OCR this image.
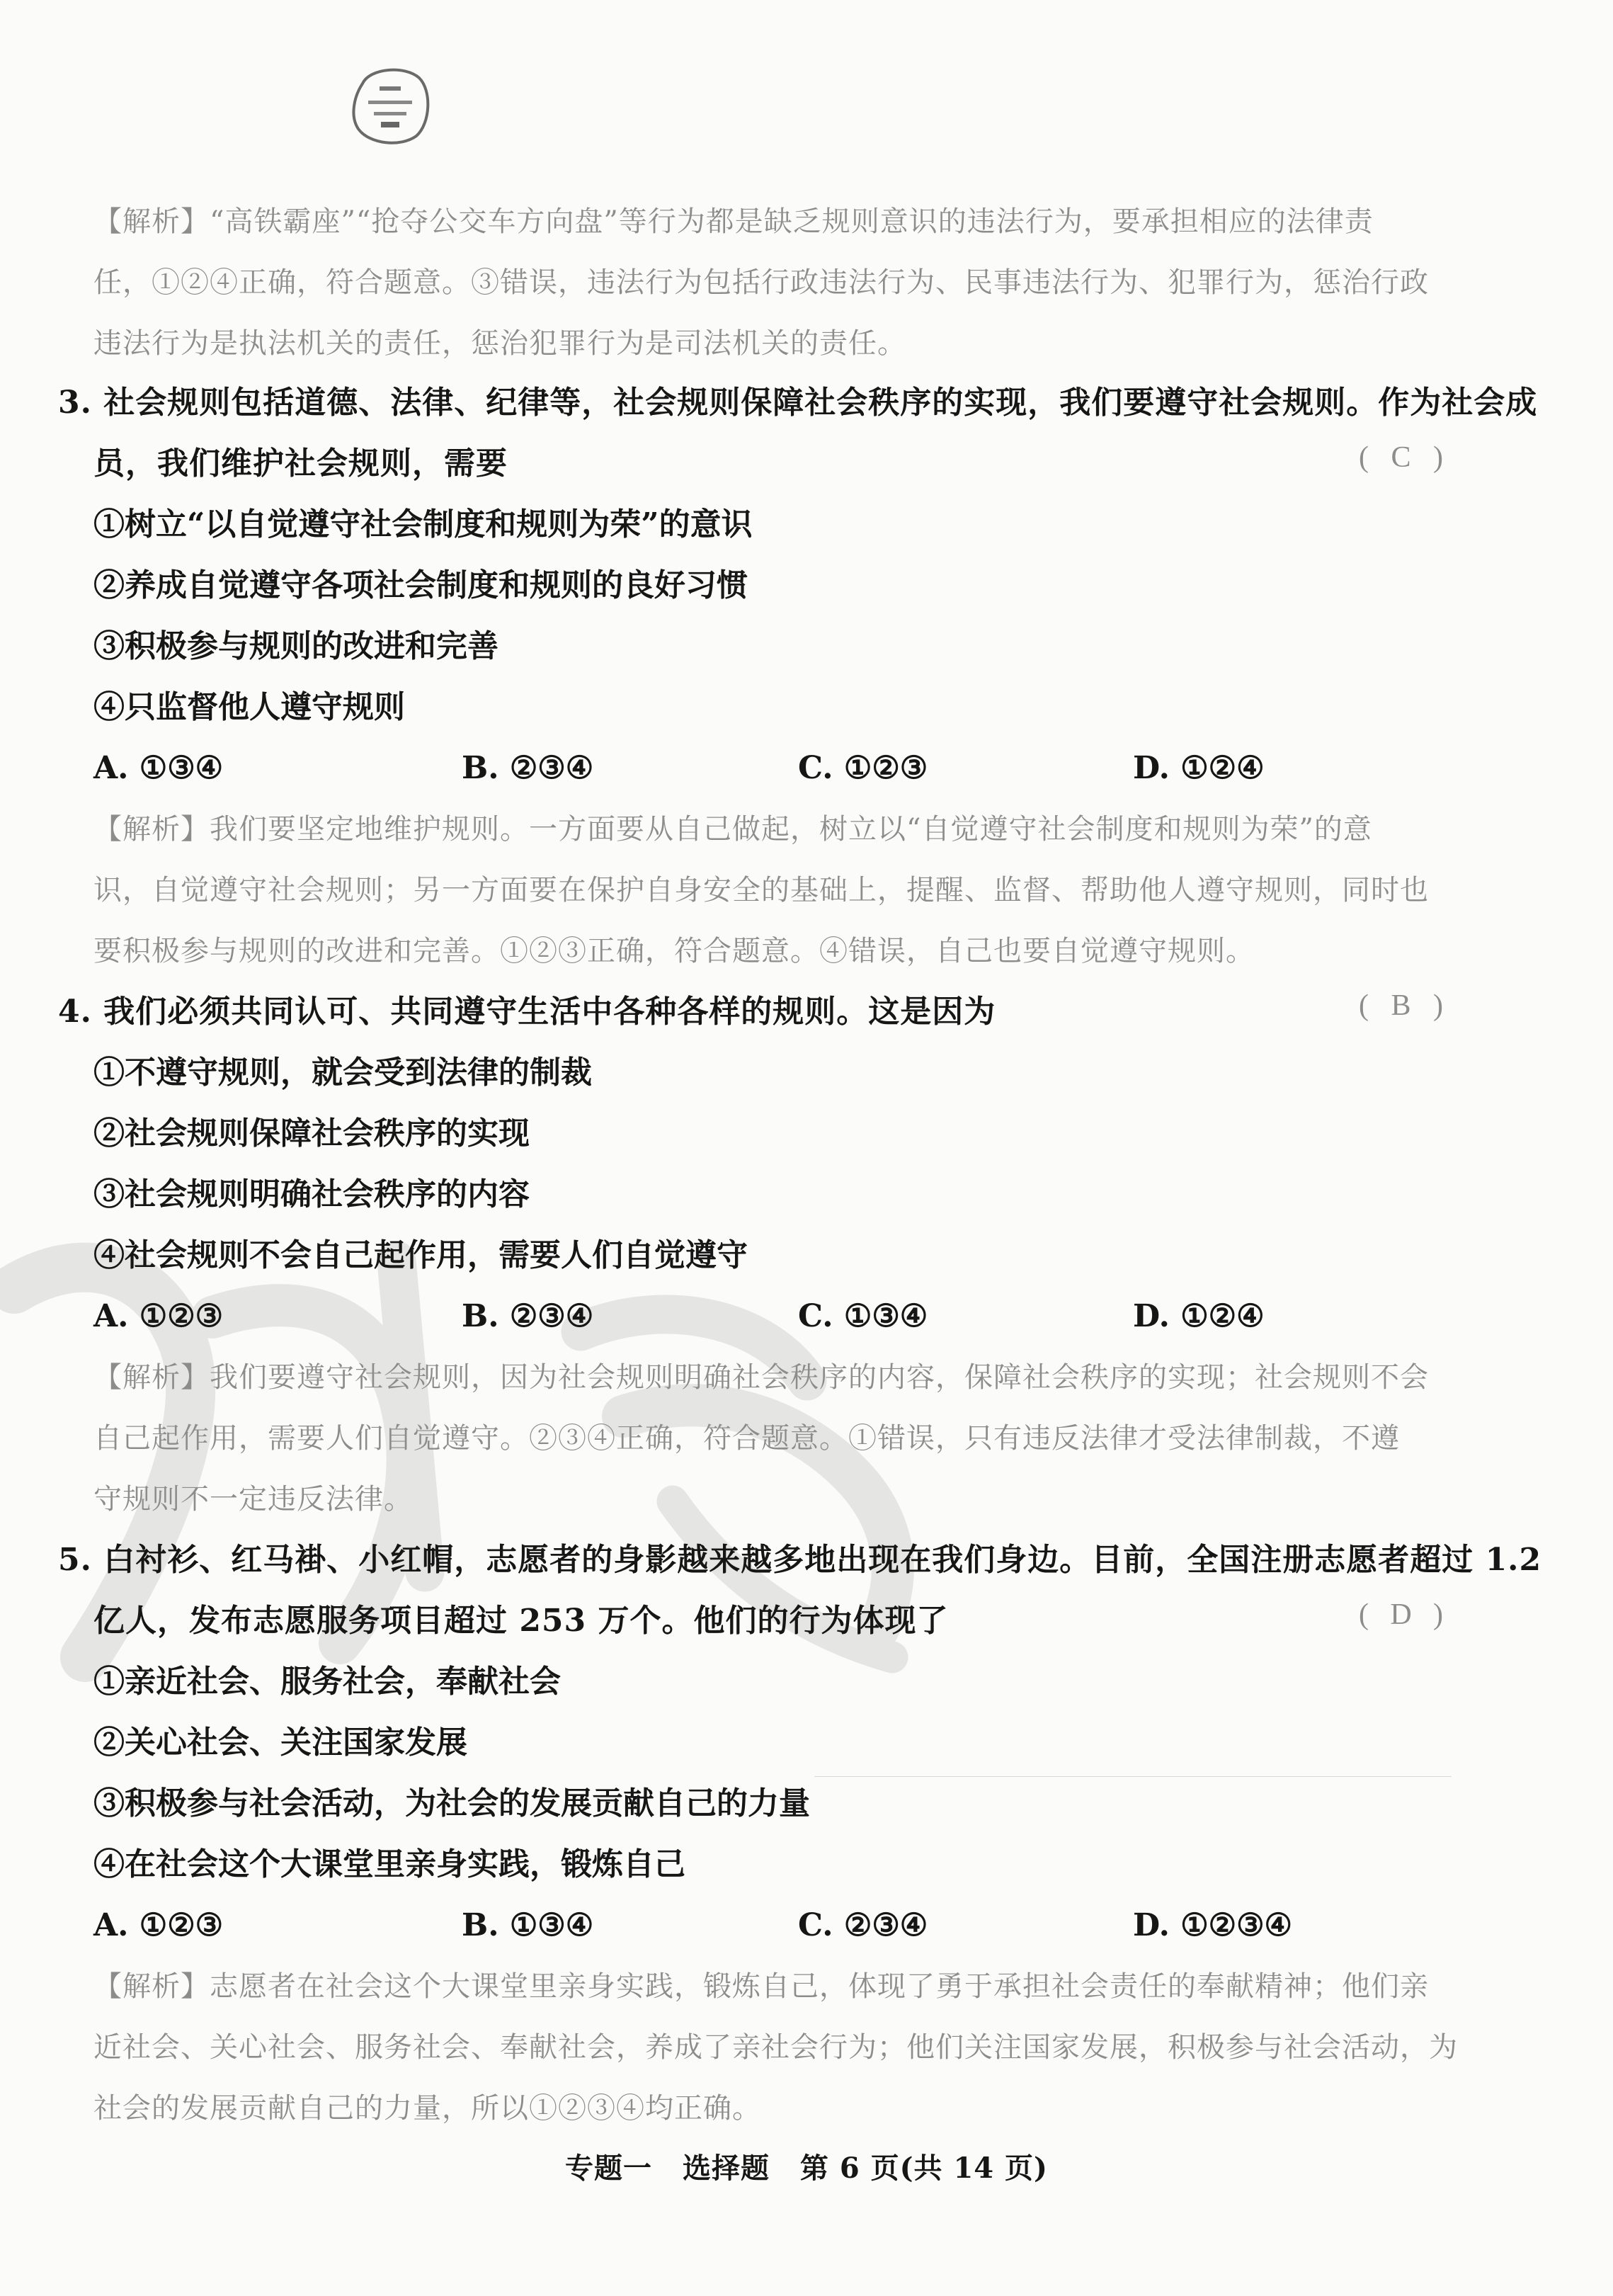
【解析】“高铁霸座”“抢夺公交车方向盘”等行为都是缺乏规则意识的违法行为，要承担相应的法律责
任，①②④正确，符合题意。③错误，违法行为包括行政违法行为、民事违法行为、犯罪行为，惩治行政
违法行为是执法机关的责任，惩治犯罪行为是司法机关的责任。
3. 社会规则包括道德、法律、纪律等，社会规则保障社会秩序的实现，我们要遵守社会规则。作为社会成
员，我们维护社会规则，需要	( C )
①树立“以自觉遵守社会制度和规则为荣”的意识
②养成自觉遵守各项社会制度和规则的良好习惯
③积极参与规则的改进和完善
④只监督他人遵守规则
A. ①③④	B. ②③④	C. ①②③	D. ①②④
【解析】我们要坚定地维护规则。一方面要从自己做起，树立以“自觉遵守社会制度和规则为荣”的意
识，自觉遵守社会规则；另一方面要在保护自身安全的基础上，提醒、监督、帮助他人遵守规则，同时也
要积极参与规则的改进和完善。①②③正确，符合题意。④错误，自己也要自觉遵守规则。
4. 我们必须共同认可、共同遵守生活中各种各样的规则。这是因为	( B )
①不遵守规则，就会受到法律的制裁
②社会规则保障社会秩序的实现
③社会规则明确社会秩序的内容
④社会规则不会自己起作用，需要人们自觉遵守
A. ①②③	B. ②③④	C. ①③④	D. ①②④
【解析】我们要遵守社会规则，因为社会规则明确社会秩序的内容，保障社会秩序的实现；社会规则不会
自己起作用，需要人们自觉遵守。②③④正确，符合题意。①错误，只有违反法律才受法律制裁，不遵
守规则不一定违反法律。
5. 白衬衫、红马褂、小红帽，志愿者的身影越来越多地出现在我们身边。目前，全国注册志愿者超过 1.2
亿人，发布志愿服务项目超过 253 万个。他们的行为体现了	( D )
①亲近社会、服务社会，奉献社会
②关心社会、关注国家发展
③积极参与社会活动，为社会的发展贡献自己的力量
④在社会这个大课堂里亲身实践，锻炼自己
A. ①②③	B. ①③④	C. ②③④	D. ①②③④
【解析】志愿者在社会这个大课堂里亲身实践，锻炼自己，体现了勇于承担社会责任的奉献精神；他们亲
近社会、关心社会、服务社会、奉献社会，养成了亲社会行为；他们关注国家发展，积极参与社会活动，为
社会的发展贡献自己的力量，所以①②③④均正确。
专题一 选择题 第 6 页(共 14 页)
